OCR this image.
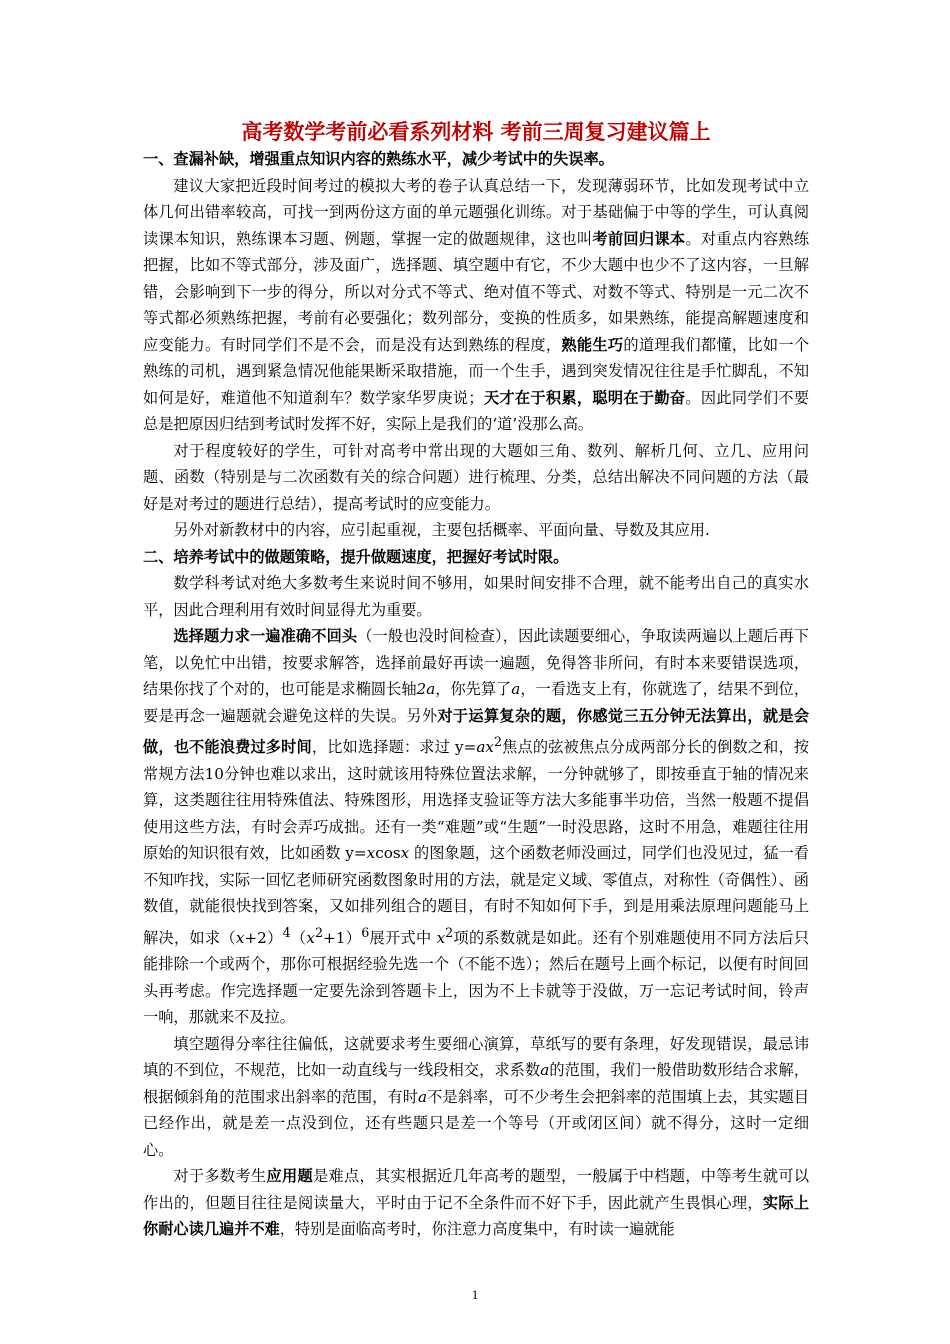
高考数学考前必看系列材料 考前三周复习建议篇上

一、查漏补缺，增强重点知识内容的熟练水平，减少考试中的失误率。

建议大家把近段时间考过的模拟大考的卷子认真总结一下，发现薄弱环节，比如发现考试中立体几何出错率较高，可找一到两份这方面的单元题强化训练。对于基础偏于中等的学生，可认真阅读课本知识，熟练课本习题、例题，掌握一定的做题规律，这也叫考前回归课本。对重点内容熟练把握，比如不等式部分，涉及面广，选择题、填空题中有它，不少大题中也少不了这内容，一旦解错，会影响到下一步的得分，所以对分式不等式、绝对值不等式、对数不等式、特别是一元二次不等式都必须熟练把握，考前有必要强化；数列部分，变换的性质多，如果熟练，能提高解题速度和应变能力。有时同学们不是不会，而是没有达到熟练的程度，熟能生巧的道理我们都懂，比如一个熟练的司机，遇到紧急情况他能果断采取措施，而一个生手，遇到突发情况往往是手忙脚乱，不知如何是好，难道他不知道刹车？数学家华罗庚说；天才在于积累，聪明在于勤奋。因此同学们不要总是把原因归结到考试时发挥不好，实际上是我们的‘道’没那么高。

对于程度较好的学生，可针对高考中常出现的大题如三角、数列、解析几何、立几、应用问题、函数（特别是与二次函数有关的综合问题）进行梳理、分类，总结出解决不同问题的方法（最好是对考过的题进行总结），提高考试时的应变能力。

另外对新教材中的内容，应引起重视，主要包括概率、平面向量、导数及其应用.

二、培养考试中的做题策略，提升做题速度，把握好考试时限。

数学科考试对绝大多数考生来说时间不够用，如果时间安排不合理，就不能考出自己的真实水平，因此合理利用有效时间显得尤为重要。

选择题力求一遍准确不回头（一般也没时间检查），因此读题要细心，争取读两遍以上题后再下笔，以免忙中出错，按要求解答，选择前最好再读一遍题，免得答非所问，有时本来要错误选项，结果你找了个对的，也可能是求椭圆长轴2a，你先算了a，一看选支上有，你就选了，结果不到位，要是再念一遍题就会避免这样的失误。另外对于运算复杂的题，你感觉三五分钟无法算出，就是会做，也不能浪费过多时间，比如选择题：求过 $y=ax^2$焦点的弦被焦点分成两部分长的倒数之和，按常规方法10分钟也难以求出，这时就该用特殊位置法求解，一分钟就够了，即按垂直于轴的情况来算，这类题往往用特殊值法、特殊图形，用选择支验证等方法大多能事半功倍，当然一般题不提倡使用这些方法，有时会弄巧成拙。还有一类“难题”或“生题”一时没思路，这时不用急，难题往往用原始的知识很有效，比如函数 y=xcosx 的图象题，这个函数老师没画过，同学们也没见过，猛一看不知咋找，实际一回忆老师研究函数图象时用的方法，就是定义域、零值点，对称性（奇偶性）、函数值，就能很快找到答案，又如排列组合的题目，有时不知如何下手，到是用乘法原理问题能马上解决，如求$(x+2)^4(x^2+1)^6$展开式中 $x^2$项的系数就是如此。还有个别难题使用不同方法后只能排除一个或两个，那你可根据经验先选一个（不能不选）；然后在题号上画个标记，以便有时间回头再考虑。作完选择题一定要先涂到答题卡上，因为不上卡就等于没做，万一忘记考试时间，铃声一响，那就来不及拉。

填空题得分率往往偏低，这就要求考生要细心演算，草纸写的要有条理，好发现错误，最忌讳填的不到位，不规范，比如一动直线与一线段相交，求系数a的范围，我们一般借助数形结合求解，根据倾斜角的范围求出斜率的范围，有时a不是斜率，可不少考生会把斜率的范围填上去，其实题目已经作出，就是差一点没到位，还有些题只是差一个等号（开或闭区间）就不得分，这时一定细心。

对于多数考生应用题是难点，其实根据近几年高考的题型，一般属于中档题，中等考生就可以作出的，但题目往往是阅读量大，平时由于记不全条件而不好下手，因此就产生畏惧心理，实际上你耐心读几遍并不难，特别是面临高考时，你注意力高度集中，有时读一遍就能

1
